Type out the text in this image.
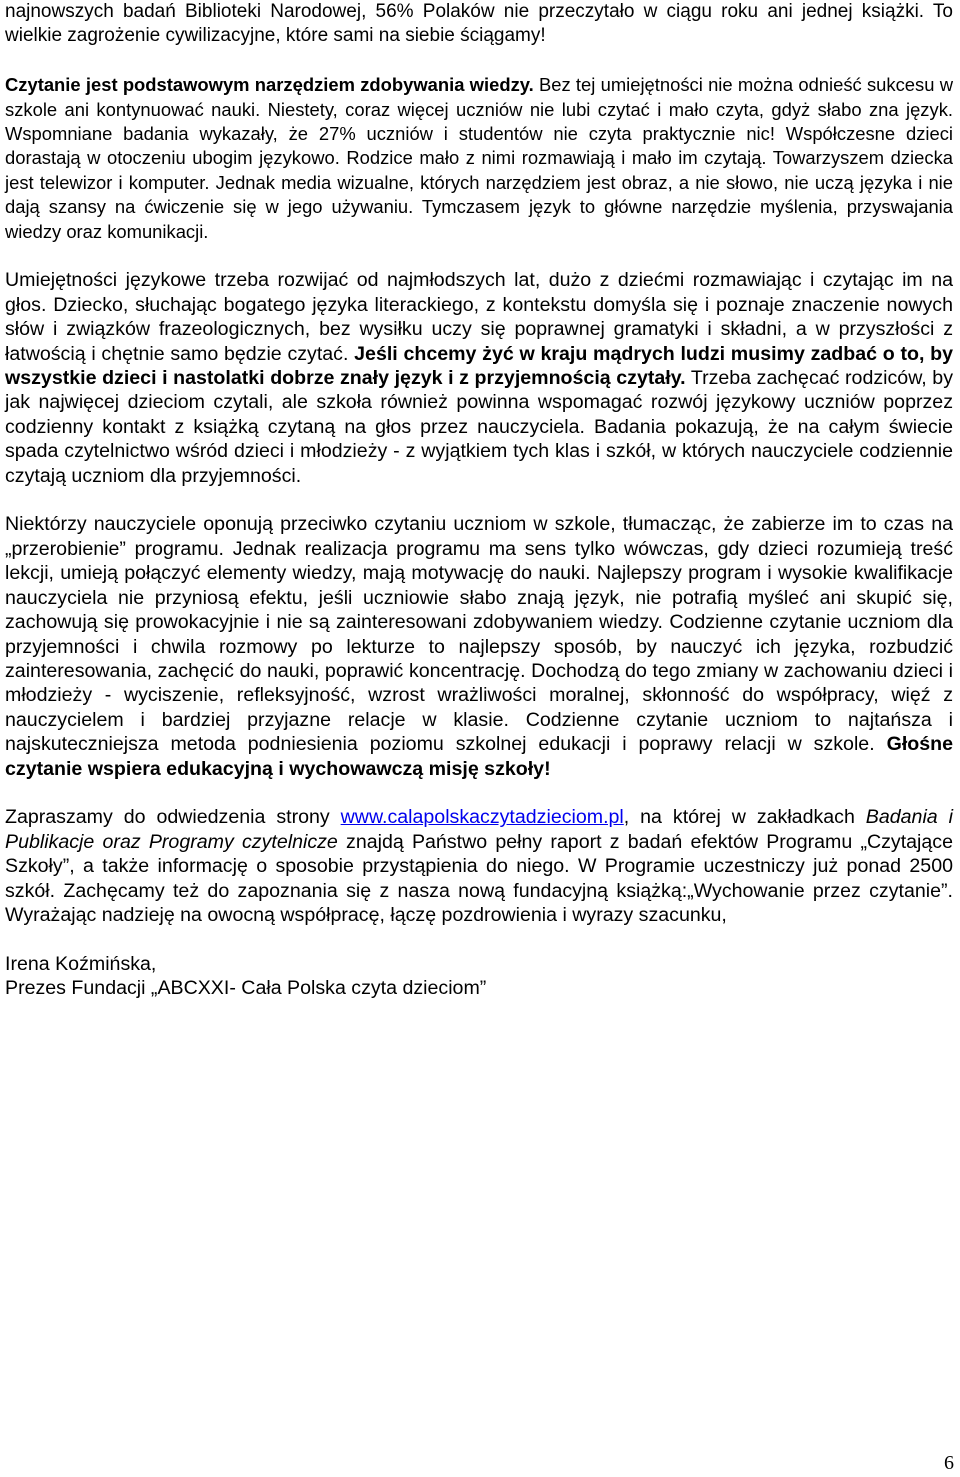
najnowszych badań Biblioteki Narodowej, 56% Polaków nie przeczytało w ciągu roku ani jednej książki. To wielkie zagrożenie cywilizacyjne, które sami na siebie ściągamy!

Czytanie jest podstawowym narzędziem zdobywania wiedzy. Bez tej umiejętności nie można odnieść sukcesu w szkole ani kontynuować nauki. Niestety, coraz więcej uczniów nie lubi czytać i mało czyta, gdyż słabo zna język. Wspomniane badania wykazały, że 27% uczniów i studentów nie czyta praktycznie nic! Współczesne dzieci dorastają w otoczeniu ubogim językowo. Rodzice mało z nimi rozmawiają i mało im czytają. Towarzyszem dziecka jest telewizor i komputer. Jednak media wizualne, których narzędziem jest obraz, a nie słowo, nie uczą języka i nie dają szansy na ćwiczenie się w jego używaniu. Tymczasem język to główne narzędzie myślenia, przyswajania wiedzy oraz komunikacji.

Umiejętności językowe trzeba rozwijać od najmłodszych lat, dużo z dziećmi rozmawiając i czytając im na głos. Dziecko, słuchając bogatego języka literackiego, z kontekstu domyśla się i poznaje znaczenie nowych słów i związków frazeologicznych, bez wysiłku uczy się poprawnej gramatyki i składni, a w przyszłości z łatwością i chętnie samo będzie czytać. Jeśli chcemy żyć w kraju mądrych ludzi musimy zadbać o to, by wszystkie dzieci i nastolatki dobrze znały język i z przyjemnością czytały. Trzeba zachęcać rodziców, by jak najwięcej dzieciom czytali, ale szkoła również powinna wspomagać rozwój językowy uczniów poprzez codzienny kontakt z książką czytaną na głos przez nauczyciela. Badania pokazują, że na całym świecie spada czytelnictwo wśród dzieci i młodzieży - z wyjątkiem tych klas i szkół, w których nauczyciele codziennie czytają uczniom dla przyjemności.

Niektórzy nauczyciele oponują przeciwko czytaniu uczniom w szkole, tłumacząc, że zabierze im to czas na „przerobienie” programu. Jednak realizacja programu ma sens tylko wówczas, gdy dzieci rozumieją treść lekcji, umieją połączyć elementy wiedzy, mają motywację do nauki. Najlepszy program i wysokie kwalifikacje nauczyciela nie przyniosą efektu, jeśli uczniowie słabo znają język, nie potrafią myśleć ani skupić się, zachowują się prowokacyjnie i nie są zainteresowani zdobywaniem wiedzy. Codzienne czytanie uczniom dla przyjemności i chwila rozmowy po lekturze to najlepszy sposób, by nauczyć ich języka, rozbudzić zainteresowania, zachęcić do nauki, poprawić koncentrację. Dochodzą do tego zmiany w zachowaniu dzieci i młodzieży - wyciszenie, refleksyjność, wzrost wrażliwości moralnej, skłonność do współpracy, więź z nauczycielem i bardziej przyjazne relacje w klasie. Codzienne czytanie uczniom to najtańsza i najskuteczniejsza metoda podniesienia poziomu szkolnej edukacji i poprawy relacji w szkole. Głośne czytanie wspiera edukacyjną i wychowawczą misję szkoły!

Zapraszamy do odwiedzenia strony www.calapolskaczytadzieciom.pl, na której w zakładkach Badania i Publikacje oraz Programy czytelnicze znajdą Państwo pełny raport z badań efektów Programu „Czytające Szkoły”, a także informację o sposobie przystąpienia do niego. W Programie uczestniczy już ponad 2500 szkół. Zachęcamy też do zapoznania się z nasza nową fundacyjną książką:„Wychowanie przez czytanie”. Wyrażając nadzieję na owocną współpracę, łączę pozdrowienia i wyrazy szacunku,

Irena Koźmińska,

Prezes Fundacji „ABCXXI- Cała Polska czyta dzieciom”

6
